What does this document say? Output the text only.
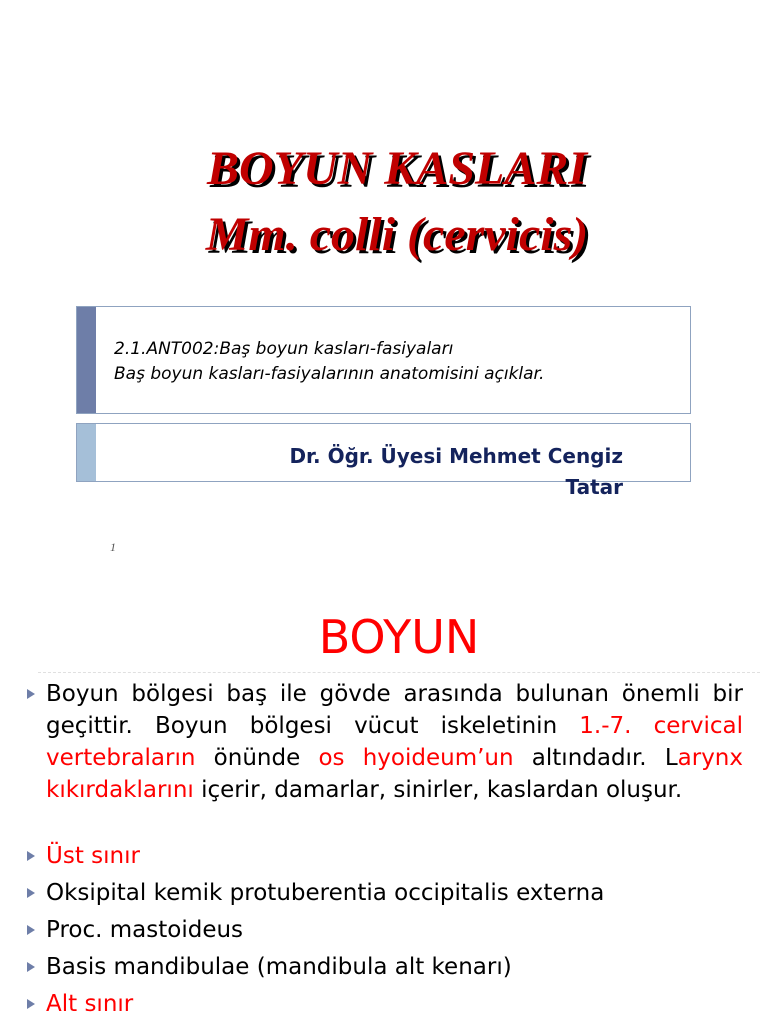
BOYUN KASLARI
Mm. colli (cervicis)
2.1.ANT002:Baş boyun kasları-fasiyaları
Baş boyun kasları-fasiyalarının anatomisini açıklar.
Dr. Öğr. Üyesi Mehmet Cengiz
Tatar
1
BOYUN
Boyun bölgesi baş ile gövde arasında bulunan önemli bir geçittir. Boyun bölgesi vücut iskeletinin 1.-7. cervical vertebraların önünde os hyoideum’un altındadır. Larynx kıkırdaklarını içerir, damarlar, sinirler, kaslardan oluşur.
Üst sınır
Oksipital kemik protuberentia occipitalis externa
Proc. mastoideus
Basis mandibulae (mandibula alt kenarı)
Alt sınır
